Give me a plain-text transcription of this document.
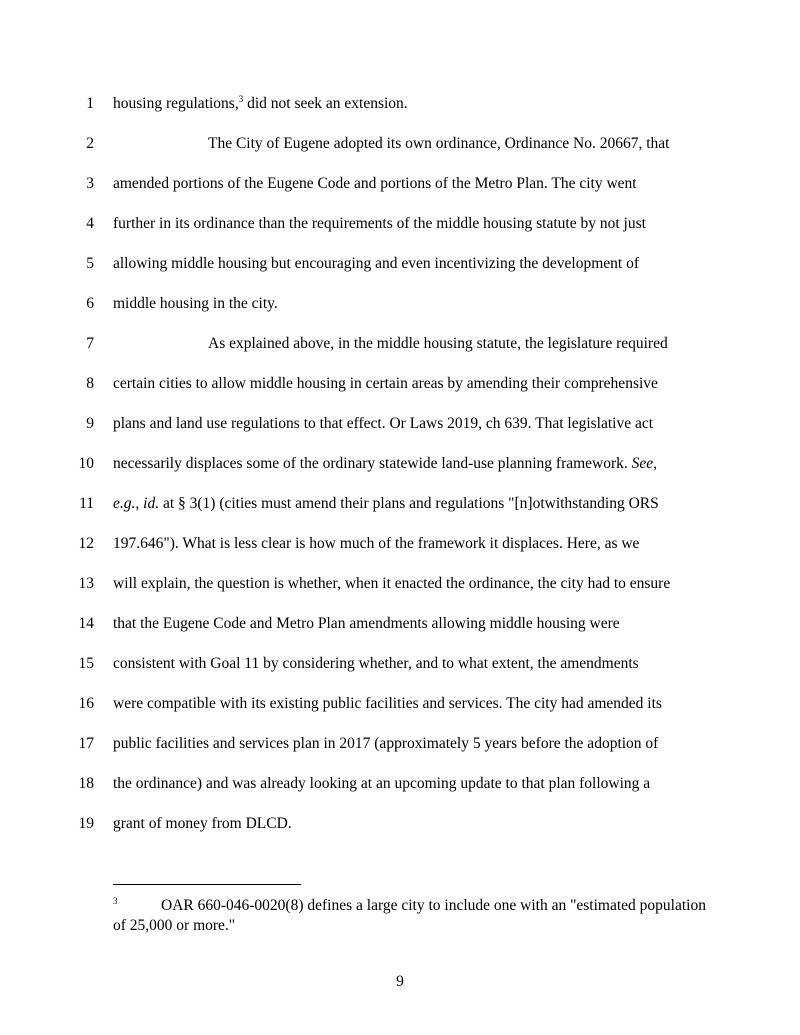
1 housing regulations,$^3$ did not seek an extension.
2	The City of Eugene adopted its own ordinance, Ordinance No. 20667, that
3 amended portions of the Eugene Code and portions of the Metro Plan. The city went
4 further in its ordinance than the requirements of the middle housing statute by not just
5 allowing middle housing but encouraging and even incentivizing the development of
6 middle housing in the city.
7	As explained above, in the middle housing statute, the legislature required
8 certain cities to allow middle housing in certain areas by amending their comprehensive
9 plans and land use regulations to that effect. Or Laws 2019, ch 639. That legislative act
10 necessarily displaces some of the ordinary statewide land-use planning framework. See,
11 e.g., id. at § 3(1) (cities must amend their plans and regulations "[n]otwithstanding ORS
12 197.646"). What is less clear is how much of the framework it displaces. Here, as we
13 will explain, the question is whether, when it enacted the ordinance, the city had to ensure
14 that the Eugene Code and Metro Plan amendments allowing middle housing were
15 consistent with Goal 11 by considering whether, and to what extent, the amendments
16 were compatible with its existing public facilities and services. The city had amended its
17 public facilities and services plan in 2017 (approximately 5 years before the adoption of
18 the ordinance) and was already looking at an upcoming update to that plan following a
19 grant of money from DLCD.
3	OAR 660-046-0020(8) defines a large city to include one with an "estimated population of 25,000 or more."
9
